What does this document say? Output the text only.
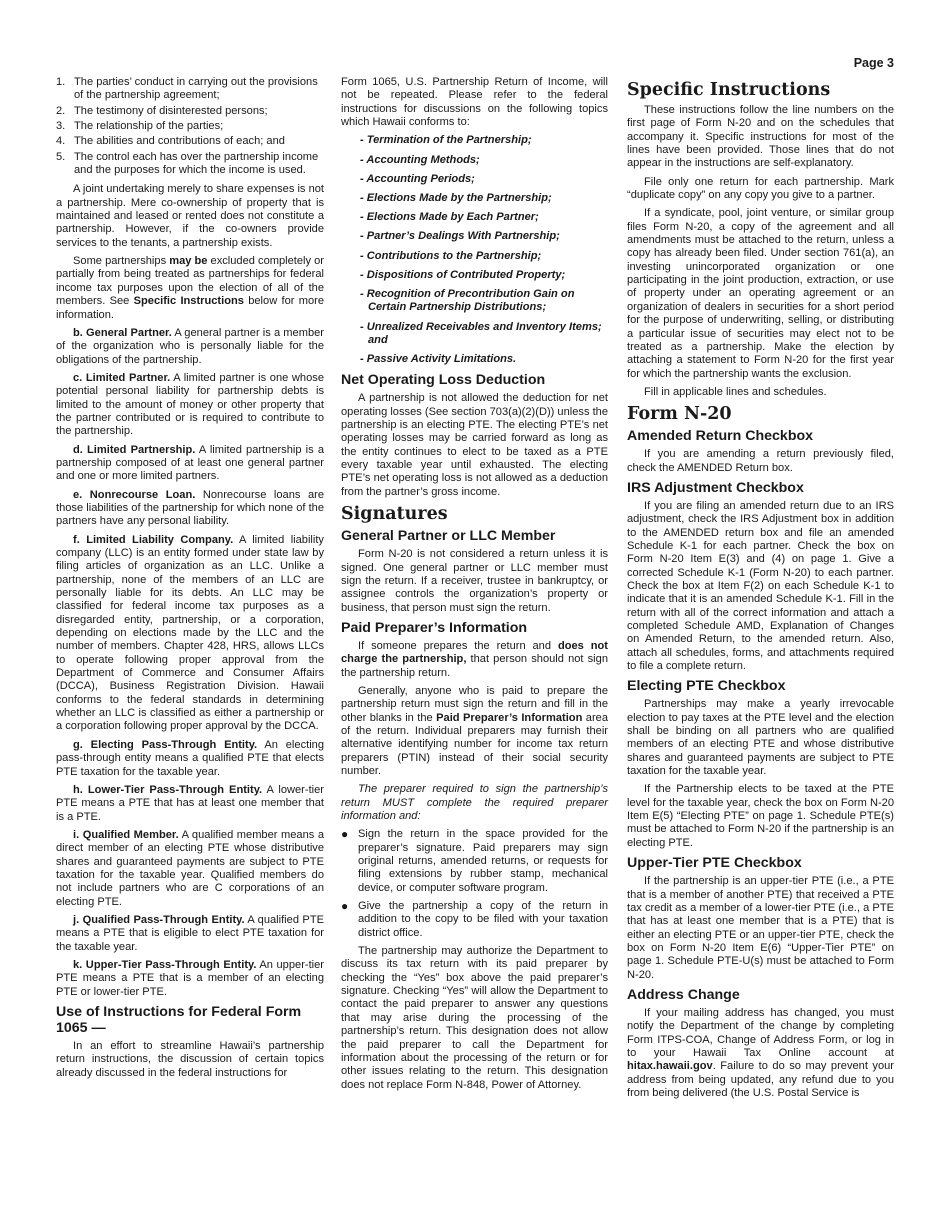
Page 3
1. The parties’ conduct in carrying out the provisions of the partnership agreement;
2. The testimony of disinterested persons;
3. The relationship of the parties;
4. The abilities and contributions of each; and
5. The control each has over the partnership income and the purposes for which the income is used.

A joint undertaking merely to share expenses is not a partnership. Mere co-ownership of property that is maintained and leased or rented does not constitute a partnership. However, if the co-owners provide services to the tenants, a partnership exists.

Some partnerships may be excluded completely or partially from being treated as partnerships for federal income tax purposes upon the election of all of the members. See Specific Instructions below for more information.

b. General Partner. A general partner is a member of the organization who is personally liable for the obligations of the partnership.

c. Limited Partner. A limited partner is one whose potential personal liability for partnership debts is limited to the amount of money or other property that the partner contributed or is required to contribute to the partnership.

d. Limited Partnership. A limited partnership is a partnership composed of at least one general partner and one or more limited partners.

e. Nonrecourse Loan. Nonrecourse loans are those liabilities of the partnership for which none of the partners have any personal liability.

f. Limited Liability Company. A limited liability company (LLC) is an entity formed under state law by filing articles of organization as an LLC. Unlike a partnership, none of the members of an LLC are personally liable for its debts. An LLC may be classified for federal income tax purposes as a disregarded entity, partnership, or a corporation, depending on elections made by the LLC and the number of members. Chapter 428, HRS, allows LLCs to operate following proper approval from the Department of Commerce and Consumer Affairs (DCCA), Business Registration Division. Hawaii conforms to the federal standards in determining whether an LLC is classified as either a partnership or a corporation following proper approval by the DCCA.

g. Electing Pass-Through Entity. An electing pass-through entity means a qualified PTE that elects PTE taxation for the taxable year.

h. Lower-Tier Pass-Through Entity. A lower-tier PTE means a PTE that has at least one member that is a PTE.

i. Qualified Member. A qualified member means a direct member of an electing PTE whose distributive shares and guaranteed payments are subject to PTE taxation for the taxable year. Qualified members do not include partners who are C corporations of an electing PTE.

j. Qualified Pass-Through Entity. A qualified PTE means a PTE that is eligible to elect PTE taxation for the taxable year.

k. Upper-Tier Pass-Through Entity. An upper-tier PTE means a PTE that is a member of an electing PTE or lower-tier PTE.

Use of Instructions for Federal Form 1065 —

In an effort to streamline Hawaii’s partnership return instructions, the discussion of certain topics already discussed in the federal instructions for

Form 1065, U.S. Partnership Return of Income, will not be repeated. Please refer to the federal instructions for discussions on the following topics which Hawaii conforms to:

- Termination of the Partnership;
- Accounting Methods;
- Accounting Periods;
- Elections Made by the Partnership;
- Elections Made by Each Partner;
- Partner’s Dealings With Partnership;
- Contributions to the Partnership;
- Dispositions of Contributed Property;
- Recognition of Precontribution Gain on Certain Partnership Distributions;
- Unrealized Receivables and Inventory Items; and
- Passive Activity Limitations.
Net Operating Loss Deduction

A partnership is not allowed the deduction for net operating losses (See section 703(a)(2)(D)) unless the partnership is an electing PTE. The electing PTE’s net operating losses may be carried forward as long as the entity continues to elect to be taxed as a PTE every taxable year until exhausted. The electing PTE’s net operating loss is not allowed as a deduction from the partner’s gross income.

Signatures
General Partner or LLC Member

Form N-20 is not considered a return unless it is signed. One general partner or LLC member must sign the return. If a receiver, trustee in bankruptcy, or assignee controls the organization’s property or business, that person must sign the return.

Paid Preparer’s Information

If someone prepares the return and does not charge the partnership, that person should not sign the partnership return.

Generally, anyone who is paid to prepare the partnership return must sign the return and fill in the other blanks in the Paid Preparer’s Information area of the return. Individual preparers may furnish their alternative identifying number for income tax return preparers (PTIN) instead of their social security number.

The preparer required to sign the partnership’s return MUST complete the required preparer information and:

● Sign the return in the space provided for the preparer’s signature. Paid preparers may sign original returns, amended returns, or requests for filing extensions by rubber stamp, mechanical device, or computer software program.
● Give the partnership a copy of the return in addition to the copy to be filed with your taxation district office.

The partnership may authorize the Department to discuss its tax return with its paid preparer by checking the “Yes” box above the paid preparer’s signature. Checking “Yes” will allow the Department to contact the paid preparer to answer any questions that may arise during the processing of the partnership’s return. This designation does not allow the paid preparer to call the Department for information about the processing of the return or for other issues relating to the return. This designation does not replace Form N-848, Power of Attorney.

Specific Instructions

These instructions follow the line numbers on the first page of Form N-20 and on the schedules that accompany it. Specific instructions for most of the lines have been provided. Those lines that do not appear in the instructions are self-explanatory.

File only one return for each partnership. Mark “duplicate copy” on any copy you give to a partner.

If a syndicate, pool, joint venture, or similar group files Form N-20, a copy of the agreement and all amendments must be attached to the return, unless a copy has already been filed. Under section 761(a), an investing unincorporated organization or one participating in the joint production, extraction, or use of property under an operating agreement or an organization of dealers in securities for a short period for the purpose of underwriting, selling, or distributing a particular issue of securities may elect not to be treated as a partnership. Make the election by attaching a statement to Form N-20 for the first year for which the partnership wants the exclusion.

Fill in applicable lines and schedules.

Form N-20
Amended Return Checkbox

If you are amending a return previously filed, check the AMENDED Return box.

IRS Adjustment Checkbox

If you are filing an amended return due to an IRS adjustment, check the IRS Adjustment box in addition to the AMENDED return box and file an amended Schedule K-1 for each partner. Check the box on Form N-20 Item E(3) and (4) on page 1. Give a corrected Schedule K-1 (Form N-20) to each partner. Check the box at Item F(2) on each Schedule K-1 to indicate that it is an amended Schedule K-1. Fill in the return with all of the correct information and attach a completed Schedule AMD, Explanation of Changes on Amended Return, to the amended return. Also, attach all schedules, forms, and attachments required to file a complete return.

Electing PTE Checkbox

Partnerships may make a yearly irrevocable election to pay taxes at the PTE level and the election shall be binding on all partners who are qualified members of an electing PTE and whose distributive shares and guaranteed payments are subject to PTE taxation for the taxable year.

If the Partnership elects to be taxed at the PTE level for the taxable year, check the box on Form N-20 Item E(5) “Electing PTE” on page 1. Schedule PTE(s) must be attached to Form N-20 if the partnership is an electing PTE.

Upper-Tier PTE Checkbox

If the partnership is an upper-tier PTE (i.e., a PTE that is a member of another PTE) that received a PTE tax credit as a member of a lower-tier PTE (i.e., a PTE that has at least one member that is a PTE) that is either an electing PTE or an upper-tier PTE, check the box on Form N-20 Item E(6) “Upper-Tier PTE” on page 1. Schedule PTE-U(s) must be attached to Form N-20.

Address Change

If your mailing address has changed, you must notify the Department of the change by completing Form ITPS-COA, Change of Address Form, or log in to your Hawaii Tax Online account at hitax.hawaii.gov. Failure to do so may prevent your address from being updated, any refund due to you from being delivered (the U.S. Postal Service is
